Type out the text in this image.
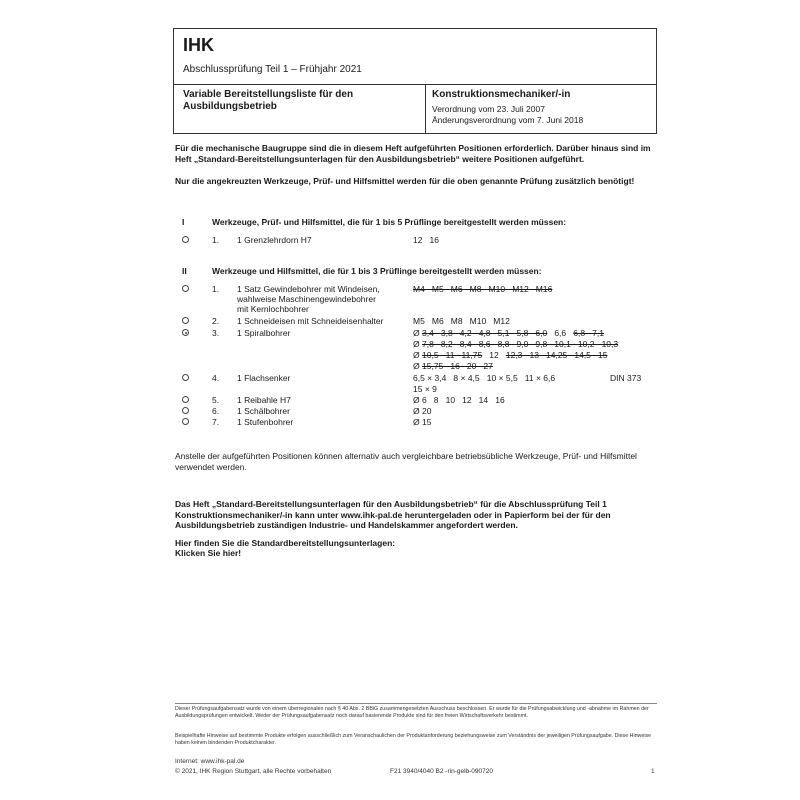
IHK
Abschlussprüfung Teil 1 – Frühjahr 2021
Variable Bereitstellungsliste für den Ausbildungsbetrieb
Konstruktionsmechaniker/-in
Verordnung vom 23. Juli 2007
Änderungsverordnung vom 7. Juni 2018
Für die mechanische Baugruppe sind die in diesem Heft aufgeführten Positionen erforderlich. Darüber hinaus sind im Heft „Standard-Bereitstellungsunterlagen für den Ausbildungsbetrieb“ weitere Positionen aufgeführt.
Nur die angekreuzten Werkzeuge, Prüf- und Hilfsmittel werden für die oben genannte Prüfung zusätzlich benötigt!
I	Werkzeuge, Prüf- und Hilfsmittel, die für 1 bis 5 Prüflinge bereitgestellt werden müssen:
1. 1 Grenzlehrdorn H7	12   16
II	Werkzeuge und Hilfsmittel, die für 1 bis 3 Prüflinge bereitgestellt werden müssen:
1. 1 Satz Gewindebohrer mit Windeisen,
wahlweise Maschinengewindebohrer
mit Kernlochbohrer
M4   M5   M6   M8   M10   M12   M16
2. 1 Schneideisen mit Schneideisenhalter	M5   M6   M8   M10   M12
3. 1 Spiralbohrer	Ø 3,4   3,8   4,2   4,8   5,1   5,8   6,0 6,6 6,8   7,1
Ø 7,8   8,2   8,4   8,6   8,8   9,0   9,8   10,1   10,2   10,3
Ø 10,5   11   11,75 12 12,3   13   14,25   14,5   15
Ø 15,75   16   20   27
4. 1 Flachsenker	6,5 × 3,4   8 × 4,5   10 × 5,5   11 × 6,6	DIN 373
15 × 9
5. 1 Reibahle H7	Ø 6   8   10   12   14   16
6. 1 Schälbohrer	Ø 20
7. 1 Stufenbohrer	Ø 15
Anstelle der aufgeführten Positionen können alternativ auch vergleichbare betriebsübliche Werkzeuge, Prüf- und Hilfsmittel verwendet werden.
Das Heft „Standard-Bereitstellungsunterlagen für den Ausbildungsbetrieb“ für die Abschlussprüfung Teil 1 Konstruktionsmechaniker/-in kann unter www.ihk-pal.de heruntergeladen oder in Papierform bei der für den Ausbildungsbetrieb zuständigen Industrie- und Handelskammer angefordert werden.
Hier finden Sie die Standardbereitstellungsunterlagen:
Klicken Sie hier!
Dieser Prüfungsaufgabensatz wurde von einem überregionalen nach § 40 Abs. 2 BBiG zusammengesetzten Ausschuss beschlossen. Er wurde für die Prüfungsabwicklung und -abnahme im Rahmen der Ausbildungsprüfungen entwickelt. Weder der Prüfungsaufgabensatz noch darauf basierende Produkte sind für den freien Wirtschaftsverkehr bestimmt.
Beispielhafte Hinweise auf bestimmte Produkte erfolgen ausschließlich zum Veranschaulichen der Produktanforderung beziehungsweise zum Verständnis der jeweiligen Prüfungsaufgabe. Diese Hinweise haben keinen bindenden Produktcharakter.
Internet: www.ihk-pal.de
© 2021, IHK Region Stuttgart, alle Rechte vorbehalten	F21 3940/4040 B2 -rin-gelb-090720	1
